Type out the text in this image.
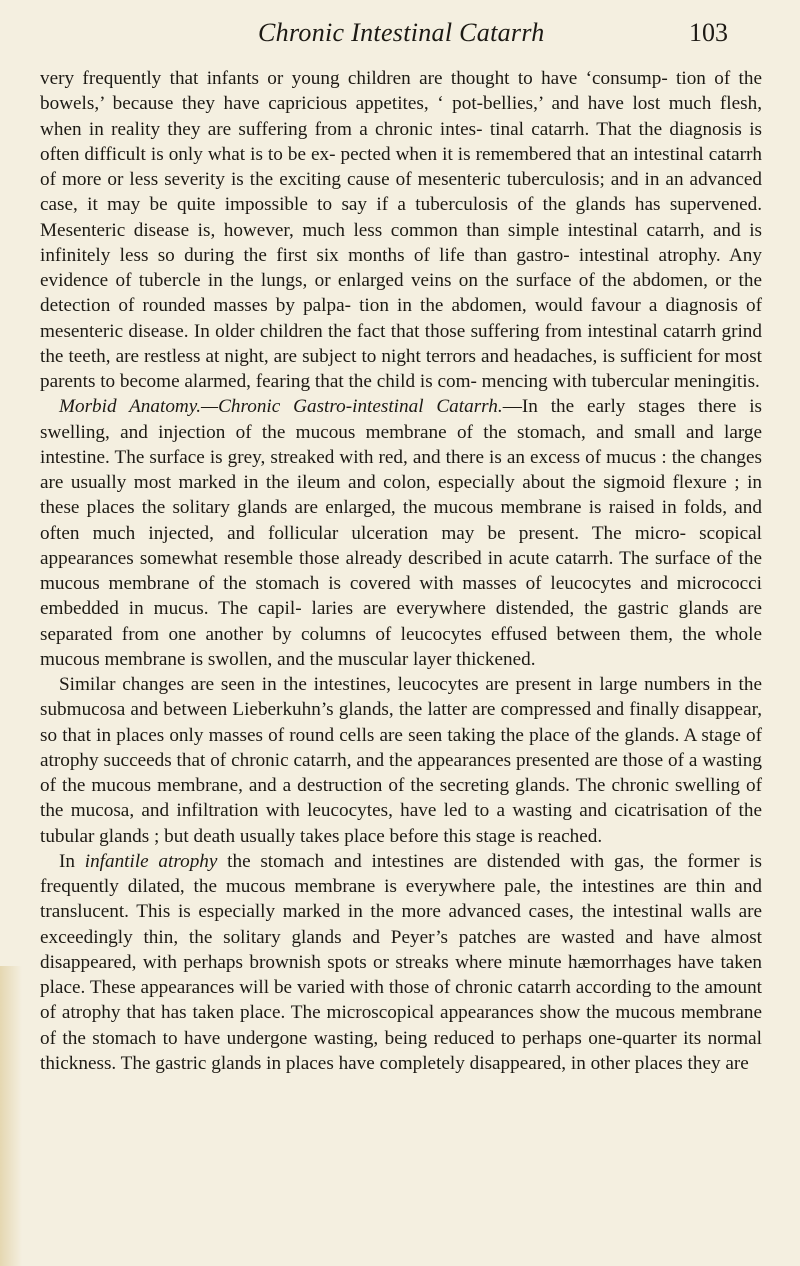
Chronic Intestinal Catarrh	103

very frequently that infants or young children are thought to have ‘consump- tion of the bowels,’ because they have capricious appetites, ‘ pot-bellies,’ and have lost much flesh, when in reality they are suffering from a chronic intes- tinal catarrh. That the diagnosis is often difficult is only what is to be ex- pected when it is remembered that an intestinal catarrh of more or less severity is the exciting cause of mesenteric tuberculosis; and in an advanced case, it may be quite impossible to say if a tuberculosis of the glands has supervened. Mesenteric disease is, however, much less common than simple intestinal catarrh, and is infinitely less so during the first six months of life than gastro- intestinal atrophy. Any evidence of tubercle in the lungs, or enlarged veins on the surface of the abdomen, or the detection of rounded masses by palpa- tion in the abdomen, would favour a diagnosis of mesenteric disease. In older children the fact that those suffering from intestinal catarrh grind the teeth, are restless at night, are subject to night terrors and headaches, is sufficient for most parents to become alarmed, fearing that the child is com- mencing with tubercular meningitis.

Morbid Anatomy.—Chronic Gastro-intestinal Catarrh.—In the early stages there is swelling, and injection of the mucous membrane of the stomach, and small and large intestine. The surface is grey, streaked with red, and there is an excess of mucus : the changes are usually most marked in the ileum and colon, especially about the sigmoid flexure ; in these places the solitary glands are enlarged, the mucous membrane is raised in folds, and often much injected, and follicular ulceration may be present. The micro- scopical appearances somewhat resemble those already described in acute catarrh. The surface of the mucous membrane of the stomach is covered with masses of leucocytes and micrococci embedded in mucus. The capil- laries are everywhere distended, the gastric glands are separated from one another by columns of leucocytes effused between them, the whole mucous membrane is swollen, and the muscular layer thickened.

Similar changes are seen in the intestines, leucocytes are present in large numbers in the submucosa and between Lieberkuhn’s glands, the latter are compressed and finally disappear, so that in places only masses of round cells are seen taking the place of the glands. A stage of atrophy succeeds that of chronic catarrh, and the appearances presented are those of a wasting of the mucous membrane, and a destruction of the secreting glands. The chronic swelling of the mucosa, and infiltration with leucocytes, have led to a wasting and cicatrisation of the tubular glands ; but death usually takes place before this stage is reached.

In infantile atrophy the stomach and intestines are distended with gas, the former is frequently dilated, the mucous membrane is everywhere pale, the intestines are thin and translucent. This is especially marked in the more advanced cases, the intestinal walls are exceedingly thin, the solitary glands and Peyer’s patches are wasted and have almost disappeared, with perhaps brownish spots or streaks where minute hæmorrhages have taken place. These appearances will be varied with those of chronic catarrh according to the amount of atrophy that has taken place. The microscopical appearances show the mucous membrane of the stomach to have undergone wasting, being reduced to perhaps one-quarter its normal thickness. The gastric glands in places have completely disappeared, in other places they are
